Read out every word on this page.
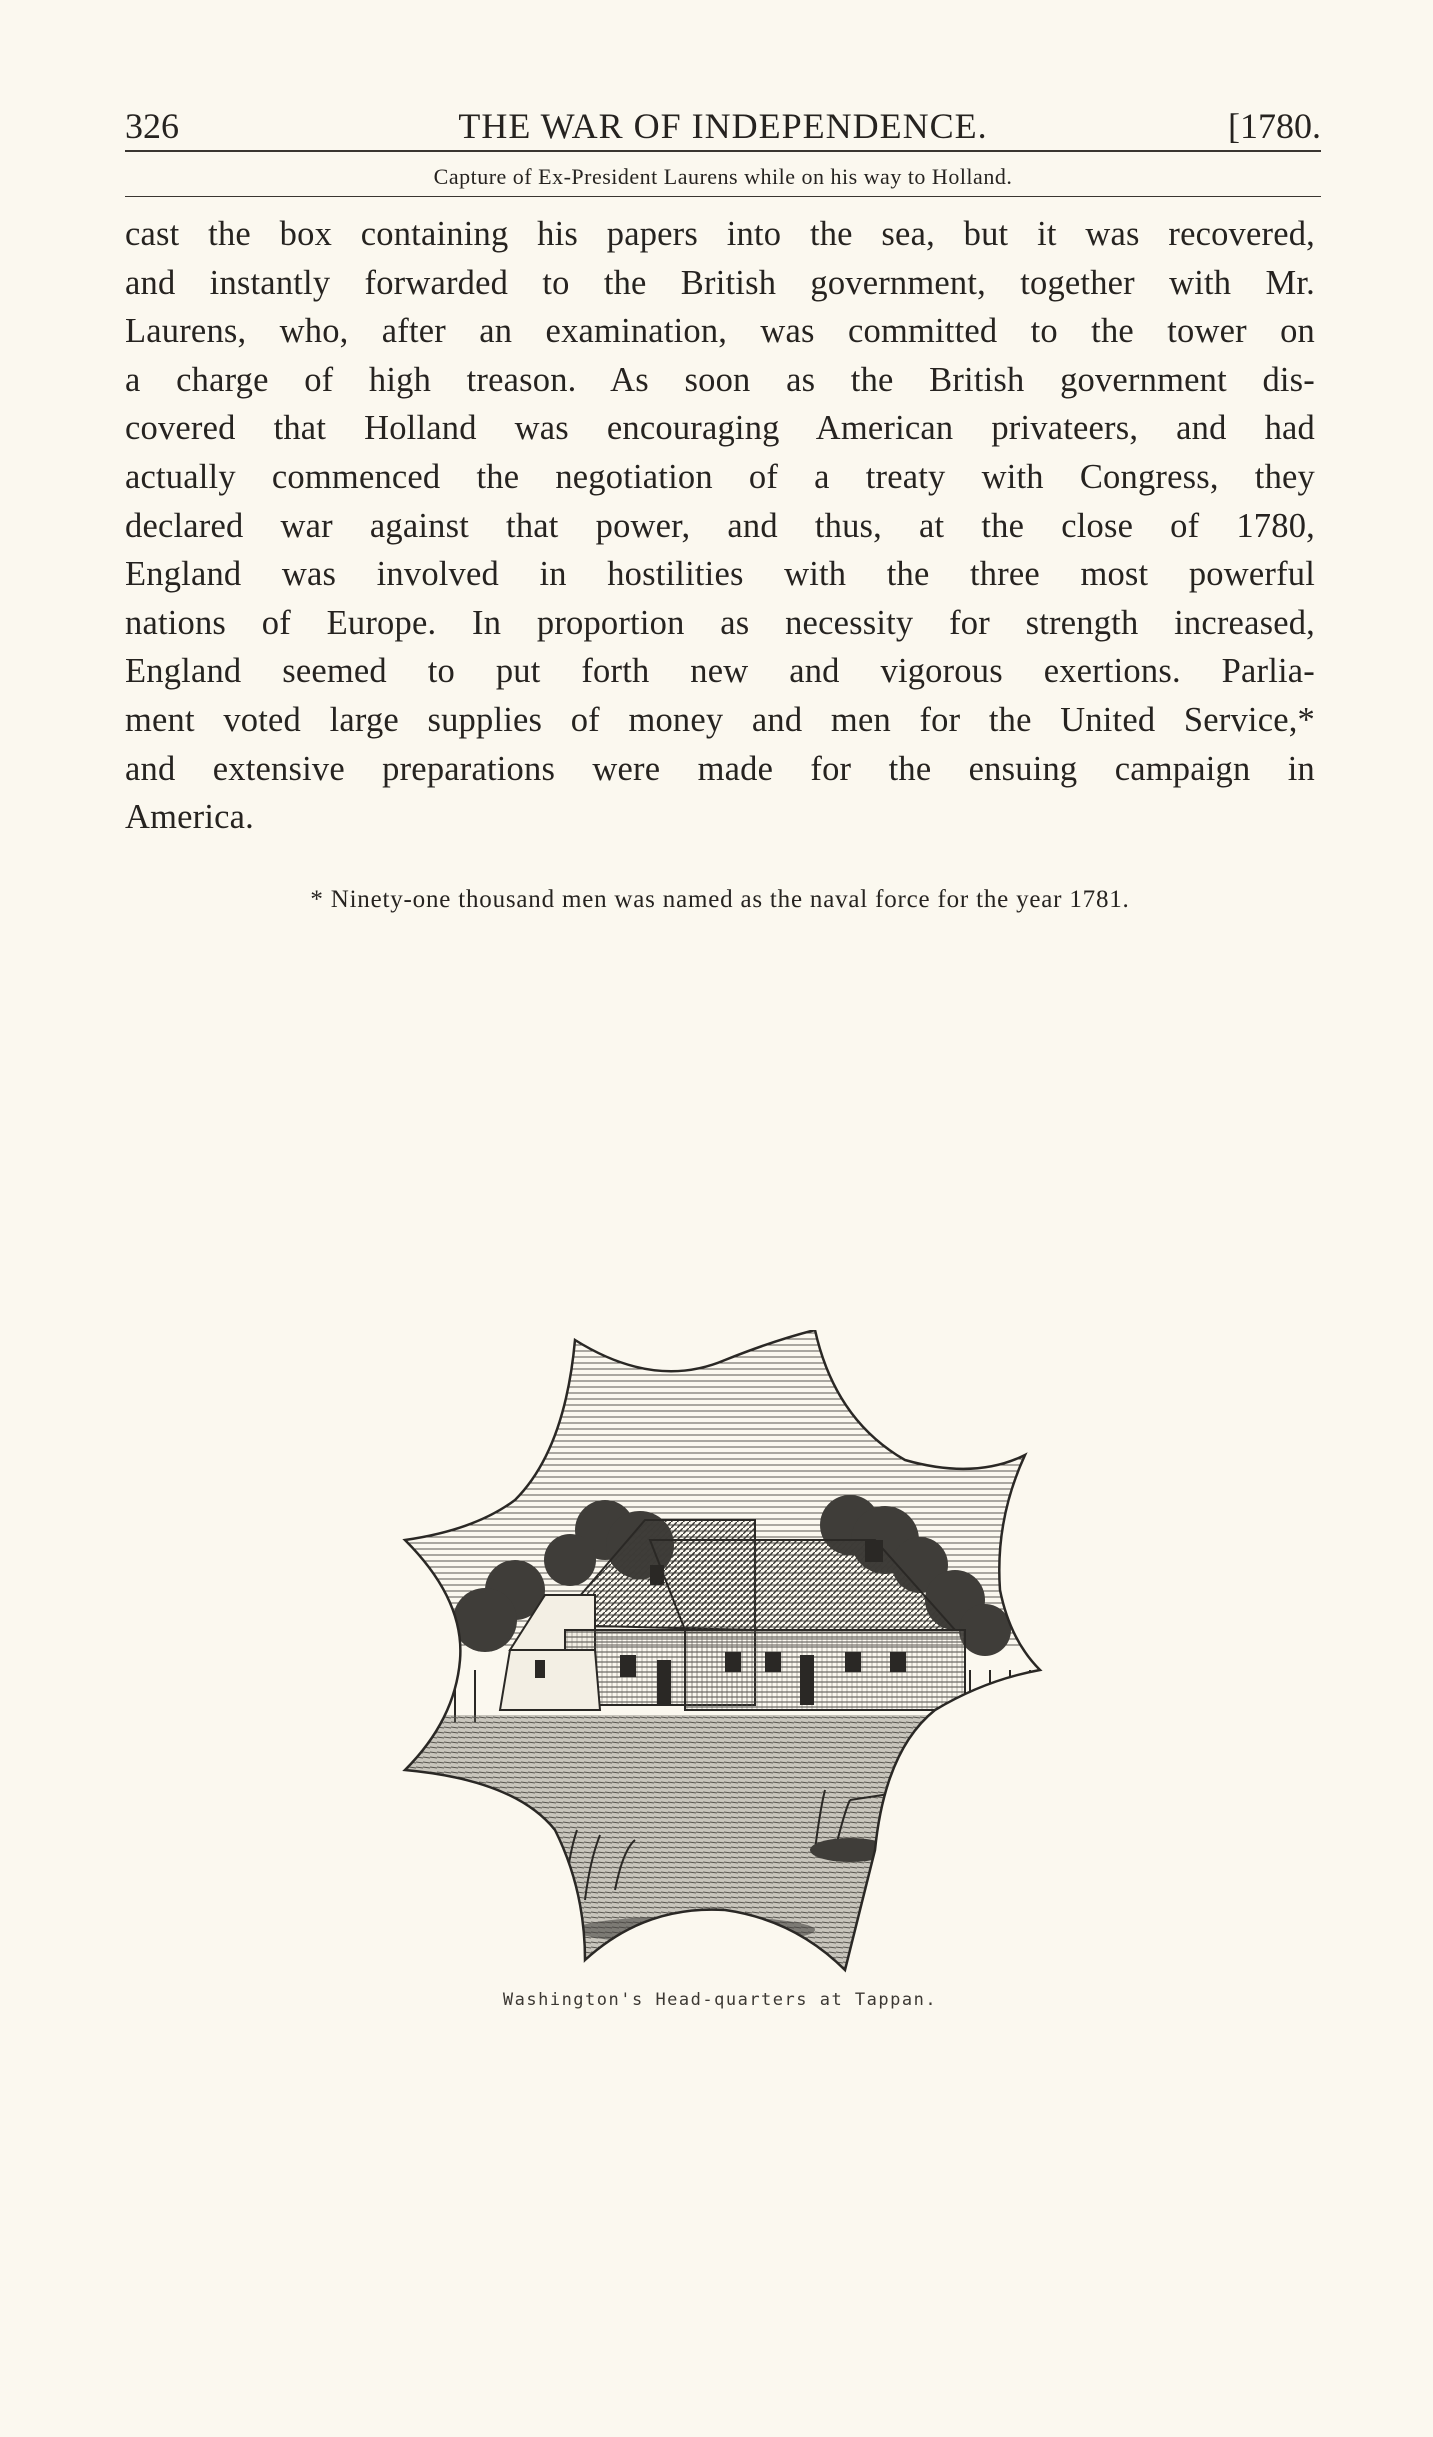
326	THE WAR OF INDEPENDENCE.	[1780.
Capture of Ex-President Laurens while on his way to Holland.
cast the box containing his papers into the sea, but it was recovered,
and instantly forwarded to the British government, together with Mr.
Laurens, who, after an examination, was committed to the tower on
a charge of high treason. As soon as the British government dis-
covered that Holland was encouraging American privateers, and had
actually commenced the negotiation of a treaty with Congress, they
declared war against that power, and thus, at the close of 1780,
England was involved in hostilities with the three most powerful
nations of Europe. In proportion as necessity for strength increased,
England seemed to put forth new and vigorous exertions. Parlia-
ment voted large supplies of money and men for the United Service,*
and extensive preparations were made for the ensuing campaign in
America.
* Ninety-one thousand men was named as the naval force for the year 1781.
Washington's Head-quarters at Tappan.
